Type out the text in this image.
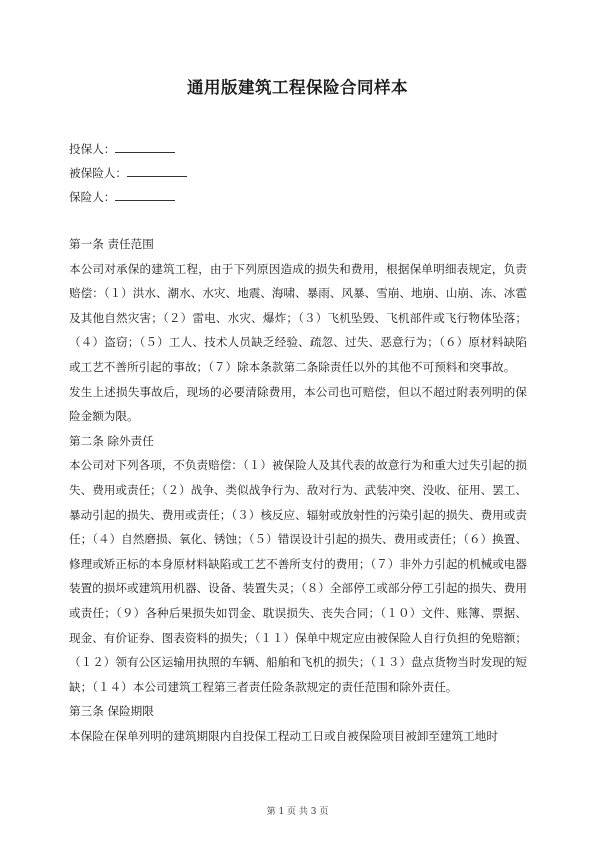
通用版建筑工程保险合同样本
投保人：
被保险人：
保险人：

第一条 责任范围

本公司对承保的建筑工程，由于下列原因造成的损失和费用，根据保单明细表规定，负责赔偿：（１）洪水、潮水、水灾、地震、海啸、暴雨、风暴、雪崩、地崩、山崩、冻、冰雹及其他自然灾害；（２）雷电、水灾、爆炸；（３）飞机坠毁、飞机部件或飞行物体坠落；（４）盗窃；（５）工人、技术人员缺乏经验、疏忽、过失、恶意行为；（６）原材料缺陷或工艺不善所引起的事故；（７）除本条款第二条除责任以外的其他不可预料和突事故。

发生上述损失事故后，现场的必要清除费用，本公司也可赔偿，但以不超过附表列明的保险金额为限。

第二条 除外责任

本公司对下列各项，不负责赔偿：（１）被保险人及其代表的故意行为和重大过失引起的损失、费用或责任；（２）战争、类似战争行为、敌对行为、武装冲突、没收、征用、罢工、暴动引起的损失、费用或责任；（３）核反应、辐射或放射性的污染引起的损失、费用或责任；（４）自然磨损、氧化、锈蚀；（５）错误设计引起的损失、费用或责任；（６）换置、修理或矫正标的本身原材料缺陷或工艺不善所支付的费用；（７）非外力引起的机械或电器装置的损坏或建筑用机器、设备、装置失灵；（８）全部停工或部分停工引起的损失、费用或责任；（９）各种后果损失如罚金、耽误损失、丧失合同；（１０）文件、账簿、票据、现金、有价证券、图表资料的损失；（１１）保单中规定应由被保险人自行负担的免赔额；（１２）领有公区运输用执照的车辆、船舶和飞机的损失；（１３）盘点货物当时发现的短缺；（１４）本公司建筑工程第三者责任险条款规定的责任范围和除外责任。

第三条 保险期限

本保险在保单列明的建筑期限内自投保工程动工日或自被保险项目被卸至建筑工地时

第 1 页 共 3 页
